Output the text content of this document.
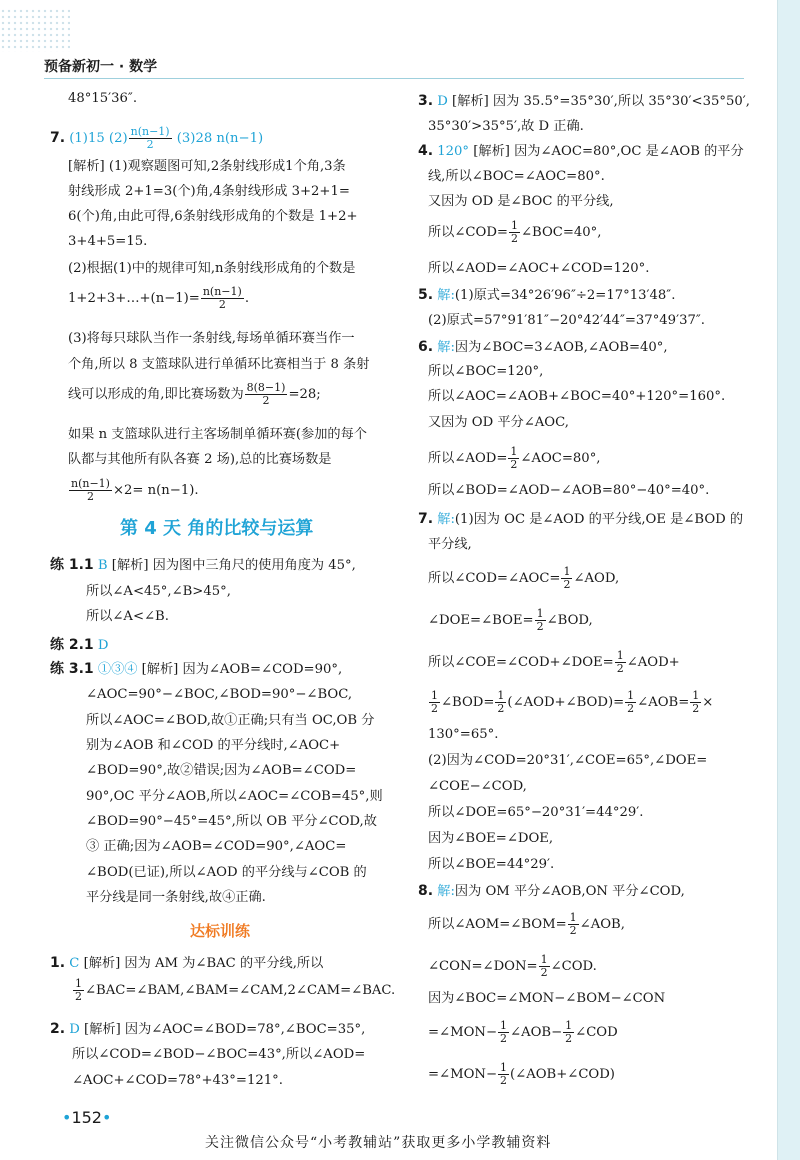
预备新初一 · 数学
48°15′36″.
7. (1)15 $(2) \frac{n(n-1)}{2} (3)28$ n(n−1)
[解析] (1)观察题图可知,2条射线形成1个角,3条
射线形成 2+1=3(个)角,4条射线形成 3+2+1=
6(个)角,由此可得,6条射线形成角的个数是 1+2+
3+4+5=15.
(2)根据(1)中的规律可知,n条射线形成角的个数是
1+2+3+…+(n−1)= $\frac{n(n-1)}{2}$ .
(3)将每只球队当作一条射线,每场单循环赛当作一
个角,所以 8 支篮球队进行单循环比赛相当于 8 条射
线可以形成的角,即比赛场数为 $\frac{8(8-1)}{2} =28$;
如果 n 支篮球队进行主客场制单循环赛(参加的每个
队都与其他所有队各赛 2 场),总的比赛场数是
$\frac{n(n-1)}{2} \times 2= n(n-1)$.
第 4 天 角的比较与运算
练 1.1 B [解析] 因为图中三角尺的使用角度为 45°,
所以∠A<45°,∠B>45°,
所以∠A<∠B.
练 2.1 D
练 3.1 ①③④ [解析] 因为∠AOB=∠COD=90°,
∠AOC=90°−∠BOC,∠BOD=90°−∠BOC,
所以∠AOC=∠BOD,故①正确;只有当 OC,OB 分
别为∠AOB 和∠COD 的平分线时,∠AOC+
∠BOD=90°,故②错误;因为∠AOB=∠COD=
90°,OC 平分∠AOB,所以∠AOC=∠COB=45°,则
∠BOD=90°−45°=45°,所以 OB 平分∠COD,故
③ 正确;因为∠AOB=∠COD=90°,∠AOC=
∠BOD(已证),所以∠AOD 的平分线与∠COB 的
平分线是同一条射线,故④正确.
达标训练
1. C [解析] 因为 AM 为∠BAC 的平分线,所以
$\frac{1}{2}$ ∠BAC=∠BAM,∠BAM=∠CAM,2∠CAM=∠BAC.
2. D [解析] 因为∠AOC=∠BOD=78°,∠BOC=35°,
所以∠COD=∠BOD−∠BOC=43°,所以∠AOD=
∠AOC+∠COD=78°+43°=121°.
3. D [解析] 因为 35.5°=35°30′,所以 35°30′<35°50′,
35°30′>35°5′,故 D 正确.
4. 120° [解析] 因为∠AOC=80°,OC 是∠AOB 的平分
线,所以∠BOC=∠AOC=80°.
又因为 OD 是∠BOC 的平分线,
所以∠COD= $\frac{1}{2}$ ∠BOC=40°,
所以∠AOD=∠AOC+∠COD=120°.
5. 解:(1)原式=34°26′96″÷2=17°13′48″.
(2)原式=57°91′81″−20°42′44″=37°49′37″.
6. 解:因为∠BOC=3∠AOB,∠AOB=40°,
所以∠BOC=120°,
所以∠AOC=∠AOB+∠BOC=40°+120°=160°.
又因为 OD 平分∠AOC,
所以∠AOD= $\frac{1}{2}$ ∠AOC=80°,
所以∠BOD=∠AOD−∠AOB=80°−40°=40°.
7. 解:(1)因为 OC 是∠AOD 的平分线,OE 是∠BOD 的
平分线,
所以∠COD=∠AOC= $\frac{1}{2}$ ∠AOD,
∠DOE=∠BOE= $\frac{1}{2}$ ∠BOD,
所以∠COE=∠COD+∠DOE= $\frac{1}{2}$ ∠AOD+
$\frac{1}{2}$ ∠BOD= $\frac{1}{2}$ (∠AOD+∠BOD)= $\frac{1}{2}$ ∠AOB= $\frac{1}{2}$ ×
130°=65°.
(2)因为∠COD=20°31′,∠COE=65°,∠DOE=
∠COE−∠COD,
所以∠DOE=65°−20°31′=44°29′.
因为∠BOE=∠DOE,
所以∠BOE=44°29′.
8. 解:因为 OM 平分∠AOB,ON 平分∠COD,
所以∠AOM=∠BOM= $\frac{1}{2}$ ∠AOB,
∠CON=∠DON= $\frac{1}{2}$ ∠COD.
因为∠BOC=∠MON−∠BOM−∠CON
=∠MON− $\frac{1}{2}$ ∠AOB− $\frac{1}{2}$ ∠COD
=∠MON− $\frac{1}{2}$ (∠AOB+∠COD)
•152•
关注微信公众号“小考教辅站”获取更多小学教辅资料
